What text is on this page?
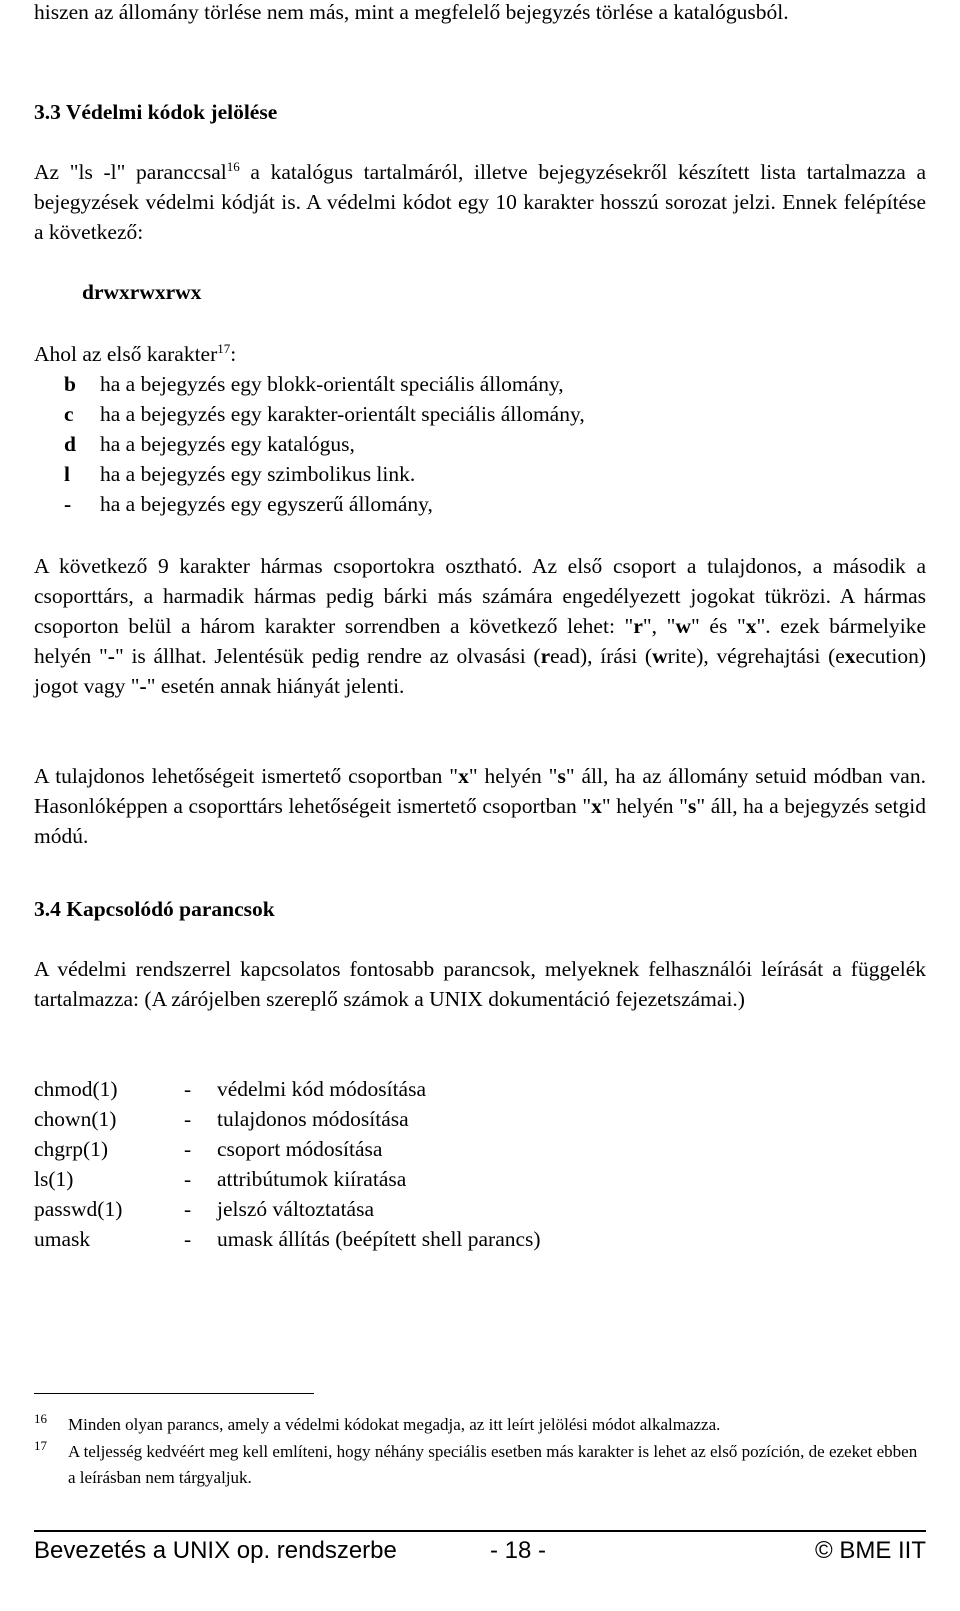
hiszen az állomány törlése nem más, mint a megfelelő bejegyzés törlése a katalógusból.

3.3 Védelmi kódok jelölése

Az "ls -l" paranccsal$^{16}$ a katalógus tartalmáról, illetve bejegyzésekről készített lista tartalmazza a bejegyzések védelmi kódját is. A védelmi kódot egy 10 karakter hosszú sorozat jelzi. Ennek felépítése a következő:

drwxrwxrwx

Ahol az első karakter$^{17}$:

b ha a bejegyzés egy blokk-orientált speciális állomány,
c ha a bejegyzés egy karakter-orientált speciális állomány,
d ha a bejegyzés egy katalógus,
l ha a bejegyzés egy szimbolikus link.
- ha a bejegyzés egy egyszerű állomány,

A következő 9 karakter hármas csoportokra osztható. Az első csoport a tulajdonos, a második a csoporttárs, a harmadik hármas pedig bárki más számára engedélyezett jogokat tükrözi. A hármas csoporton belül a három karakter sorrendben a következő lehet: "r", "w" és "x". ezek bármelyike helyén "-" is állhat. Jelentésük pedig rendre az olvasási (read), írási (write), végrehajtási (execution) jogot vagy "-" esetén annak hiányát jelenti.

A tulajdonos lehetőségeit ismertető csoportban "x" helyén "s" áll, ha az állomány setuid módban van. Hasonlóképpen a csoporttárs lehetőségeit ismertető csoportban "x" helyén "s" áll, ha a bejegyzés setgid módú.

3.4 Kapcsolódó parancsok

A védelmi rendszerrel kapcsolatos fontosabb parancsok, melyeknek felhasználói leírását a függelék tartalmazza: (A zárójelben szereplő számok a UNIX dokumentáció fejezetszámai.)

chmod(1)	- védelmi kód módosítása
chown(1)	- tulajdonos módosítása
chgrp(1)	- csoport módosítása
ls(1)	- attribútumok kiíratása
passwd(1)	- jelszó változtatása
umask	- umask állítás (beépített shell parancs)
16 Minden olyan parancs, amely a védelmi kódokat megadja, az itt leírt jelölési módot alkalmazza.
17 A teljesség kedvéért meg kell említeni, hogy néhány speciális esetben más karakter is lehet az első pozíción, de ezeket ebben a leírásban nem tárgyaljuk.
Bevezetés a UNIX op. rendszerbe	- 18 -	© BME IIT
